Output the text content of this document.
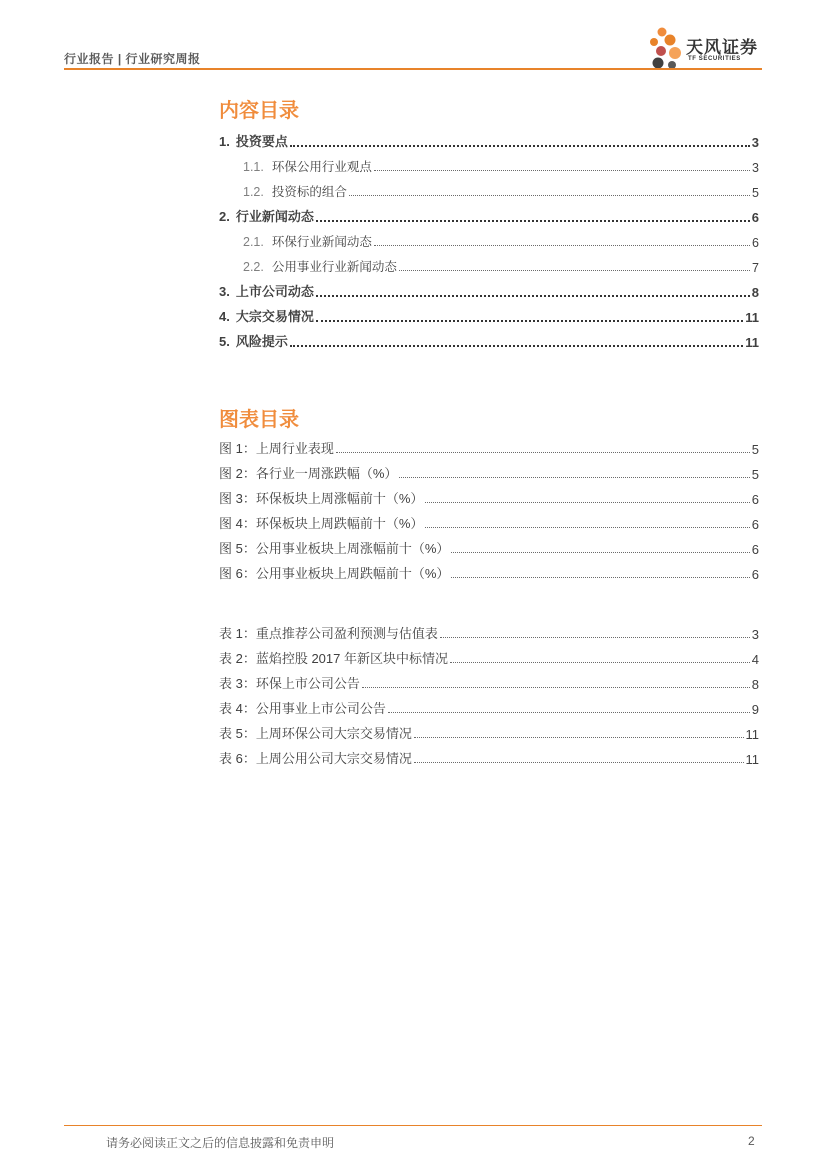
行业报告 | 行业研究周报
天风证券
TF SECURITIES
内容目录
1. 投资要点	3
1.1. 环保公用行业观点	3
1.2. 投资标的组合	5
2. 行业新闻动态	6
2.1. 环保行业新闻动态	6
2.2. 公用事业行业新闻动态	7
3. 上市公司动态	8
4. 大宗交易情况	11
5. 风险提示	11
图表目录
图 1：上周行业表现	5
图 2：各行业一周涨跌幅（%）	5
图 3：环保板块上周涨幅前十（%）	6
图 4：环保板块上周跌幅前十（%）	6
图 5：公用事业板块上周涨幅前十（%）	6
图 6：公用事业板块上周跌幅前十（%）	6
表 1：重点推荐公司盈利预测与估值表	3
表 2：蓝焰控股 2017 年新区块中标情况	4
表 3：环保上市公司公告	8
表 4：公用事业上市公司公告	9
表 5：上周环保公司大宗交易情况	11
表 6：上周公用公司大宗交易情况	11
请务必阅读正文之后的信息披露和免责申明	2
